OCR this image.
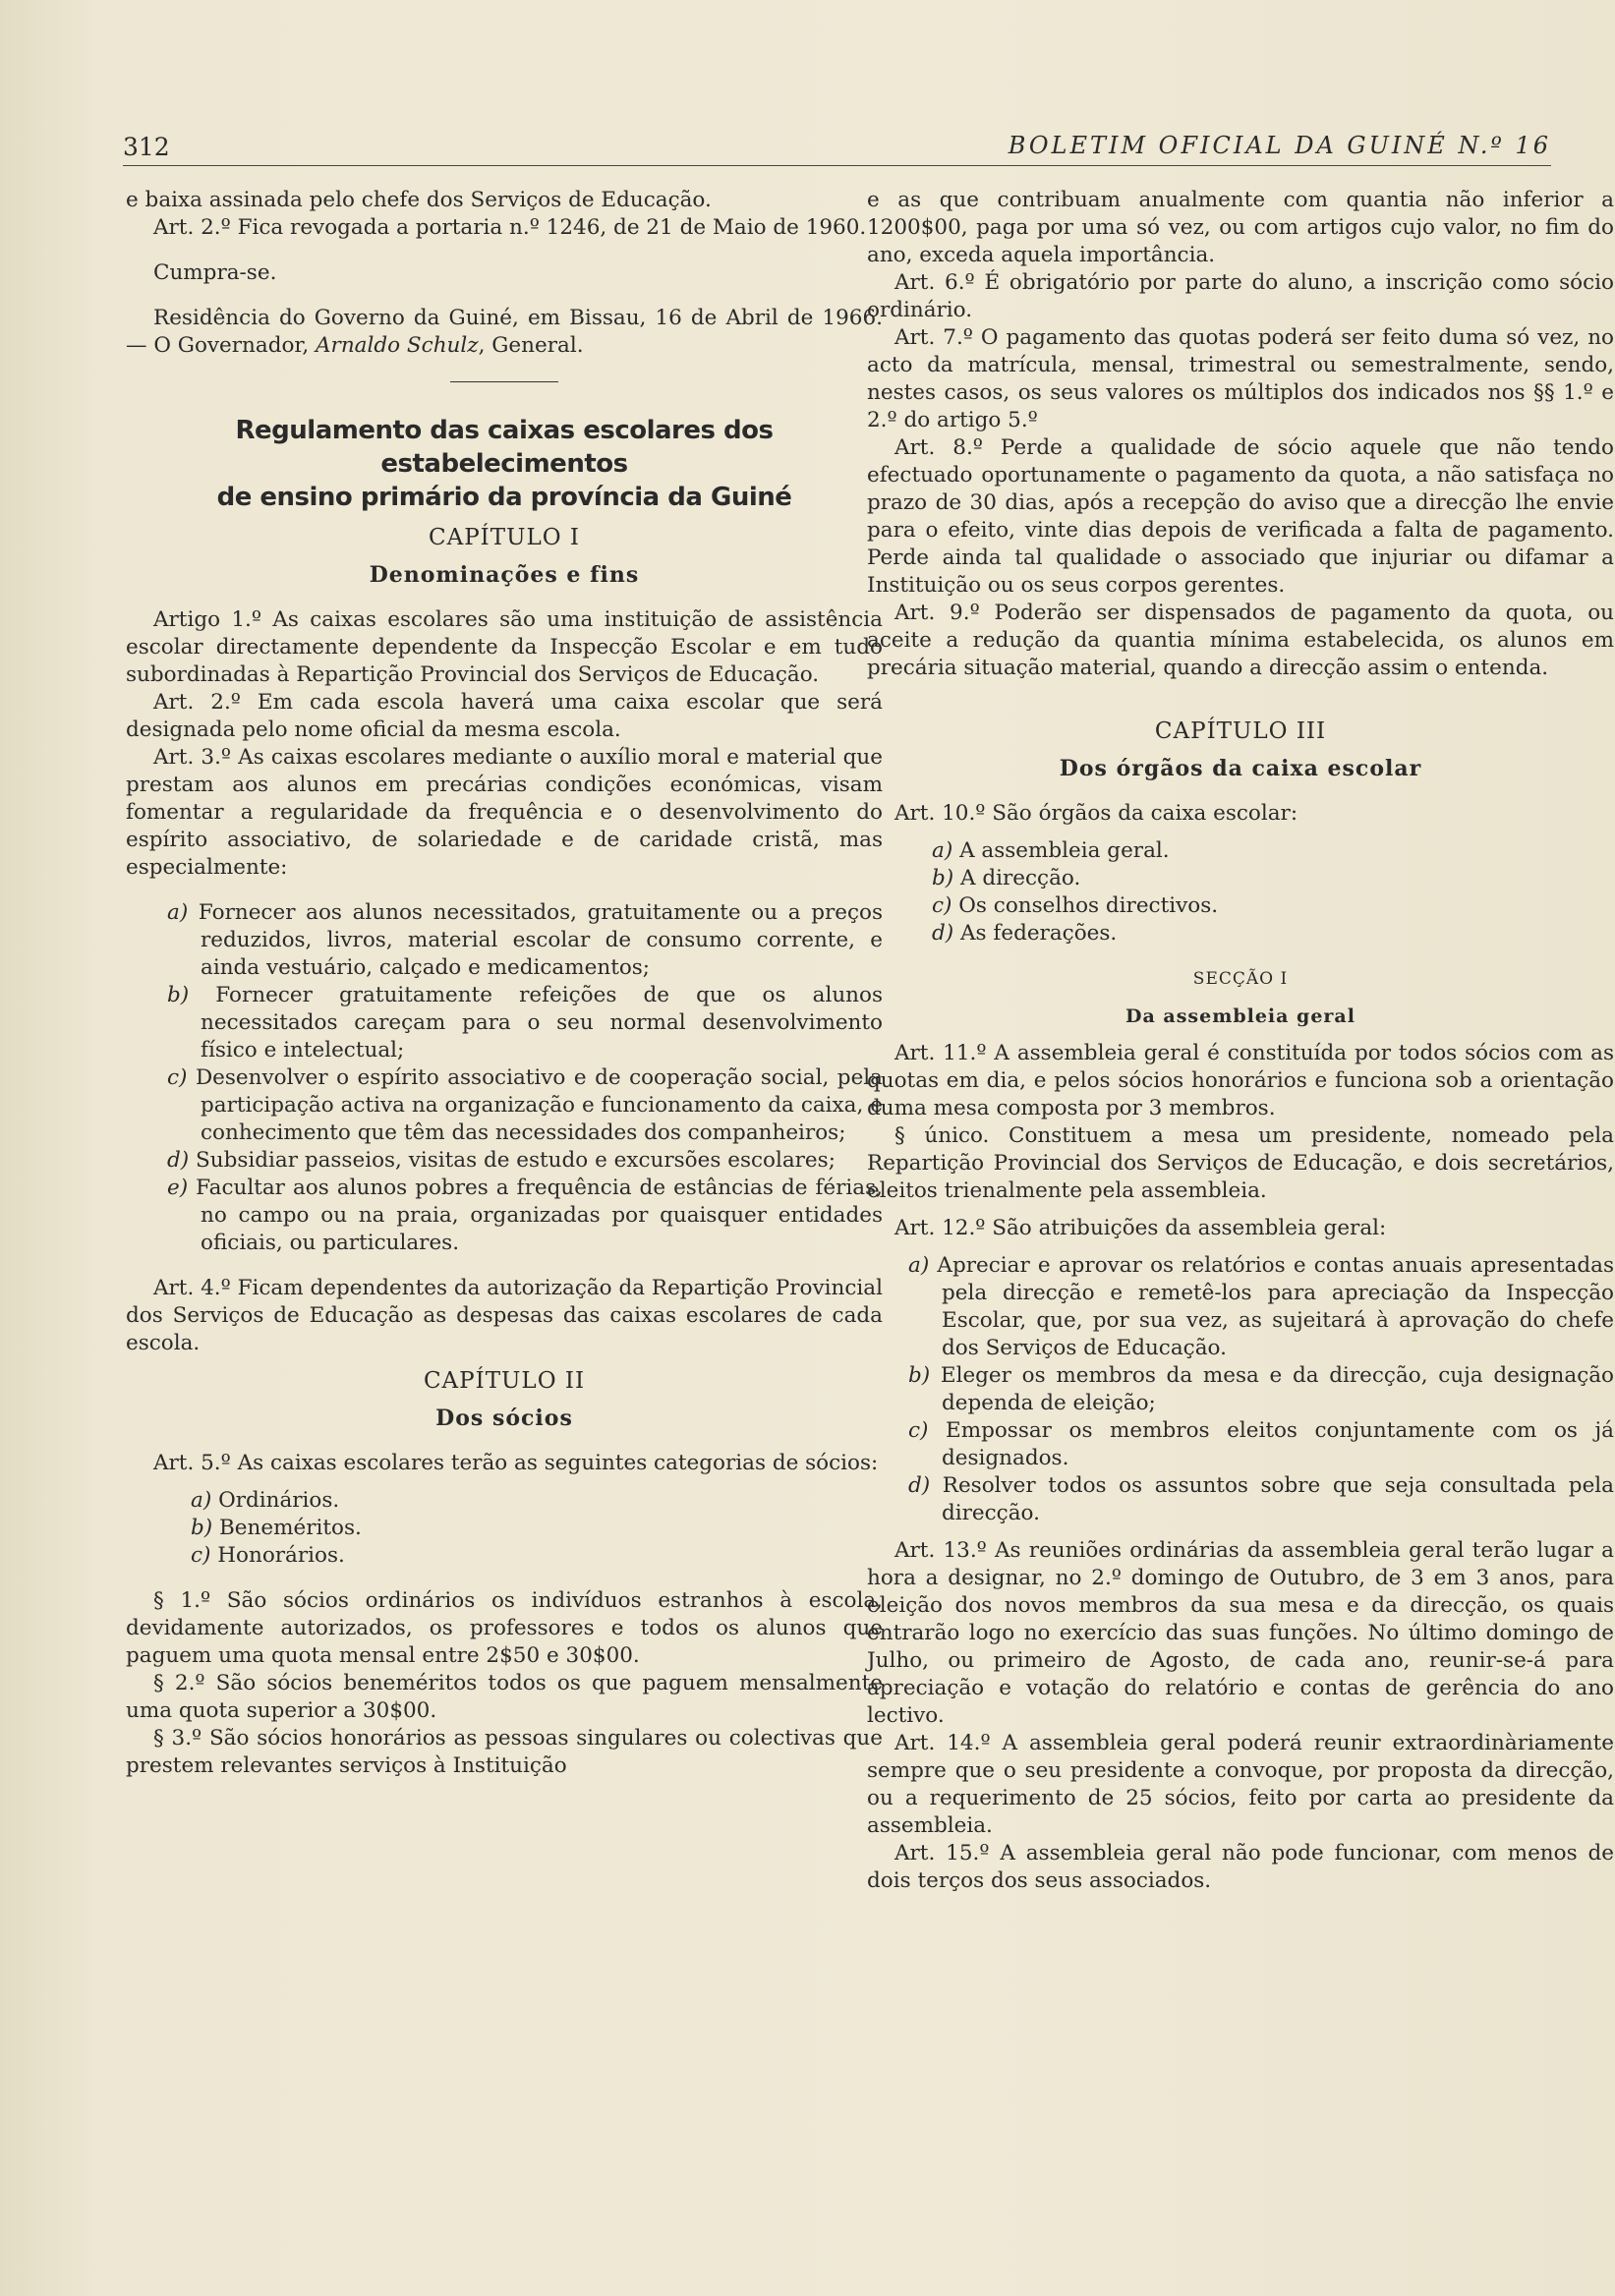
312	BOLETIM OFICIAL DA GUINÉ N.º 16

e baixa assinada pelo chefe dos Serviços de Educação.

Art. 2.º Fica revogada a portaria n.º 1246, de 21 de Maio de 1960.

Cumpra-se.

Residência do Governo da Guiné, em Bissau, 16 de Abril de 1966. — O Governador, Arnaldo Schulz, General.

Regulamento das caixas escolares dos estabelecimentos
de ensino primário da província da Guiné

CAPÍTULO I

Denominações e fins

Artigo 1.º As caixas escolares são uma instituição de assistência escolar directamente dependente da Inspecção Escolar e em tudo subordinadas à Repartição Provincial dos Serviços de Educação.

Art. 2.º Em cada escola haverá uma caixa escolar que será designada pelo nome oficial da mesma escola.

Art. 3.º As caixas escolares mediante o auxílio moral e material que prestam aos alunos em precárias condições económicas, visam fomentar a regularidade da frequência e o desenvolvimento do espírito associativo, de solariedade e de caridade cristã, mas especialmente:

a) Fornecer aos alunos necessitados, gratuitamente ou a preços reduzidos, livros, material escolar de consumo corrente, e ainda vestuário, calçado e medicamentos;

b) Fornecer gratuitamente refeições de que os alunos necessitados careçam para o seu normal desenvolvimento físico e intelectual;

c) Desenvolver o espírito associativo e de cooperação social, pela participação activa na organização e funcionamento da caixa, e conhecimento que têm das necessidades dos companheiros;

d) Subsidiar passeios, visitas de estudo e excursões escolares;

e) Facultar aos alunos pobres a frequência de estâncias de férias, no campo ou na praia, organizadas por quaisquer entidades oficiais, ou particulares.

Art. 4.º Ficam dependentes da autorização da Repartição Provincial dos Serviços de Educação as despesas das caixas escolares de cada escola.

CAPÍTULO II

Dos sócios

Art. 5.º As caixas escolares terão as seguintes categorias de sócios:

a) Ordinários.

b) Beneméritos.

c) Honorários.

§ 1.º São sócios ordinários os indivíduos estranhos à escola, devidamente autorizados, os professores e todos os alunos que paguem uma quota mensal entre 2$50 e 30$00.

§ 2.º São sócios beneméritos todos os que paguem mensalmente uma quota superior a 30$00.

§ 3.º São sócios honorários as pessoas singulares ou colectivas que prestem relevantes serviços à Instituição

e as que contribuam anualmente com quantia não inferior a 1200$00, paga por uma só vez, ou com artigos cujo valor, no fim do ano, exceda aquela importância.

Art. 6.º É obrigatório por parte do aluno, a inscrição como sócio ordinário.

Art. 7.º O pagamento das quotas poderá ser feito duma só vez, no acto da matrícula, mensal, trimestral ou semestralmente, sendo, nestes casos, os seus valores os múltiplos dos indicados nos §§ 1.º e 2.º do artigo 5.º

Art. 8.º Perde a qualidade de sócio aquele que não tendo efectuado oportunamente o pagamento da quota, a não satisfaça no prazo de 30 dias, após a recepção do aviso que a direcção lhe envie para o efeito, vinte dias depois de verificada a falta de pagamento. Perde ainda tal qualidade o associado que injuriar ou difamar a Instituição ou os seus corpos gerentes.

Art. 9.º Poderão ser dispensados de pagamento da quota, ou aceite a redução da quantia mínima estabelecida, os alunos em precária situação material, quando a direcção assim o entenda.

CAPÍTULO III

Dos órgãos da caixa escolar

Art. 10.º São órgãos da caixa escolar:

a) A assembleia geral.

b) A direcção.

c) Os conselhos directivos.

d) As federações.

SECÇÃO I

Da assembleia geral

Art. 11.º A assembleia geral é constituída por todos sócios com as quotas em dia, e pelos sócios honorários e funciona sob a orientação duma mesa composta por 3 membros.

§ único. Constituem a mesa um presidente, nomeado pela Repartição Provincial dos Serviços de Educação, e dois secretários, eleitos trienalmente pela assembleia.

Art. 12.º São atribuições da assembleia geral:

a) Apreciar e aprovar os relatórios e contas anuais apresentadas pela direcção e remetê-los para apreciação da Inspecção Escolar, que, por sua vez, as sujeitará à aprovação do chefe dos Serviços de Educação.

b) Eleger os membros da mesa e da direcção, cuja designação dependa de eleição;

c) Empossar os membros eleitos conjuntamente com os já designados.

d) Resolver todos os assuntos sobre que seja consultada pela direcção.

Art. 13.º As reuniões ordinárias da assembleia geral terão lugar a hora a designar, no 2.º domingo de Outubro, de 3 em 3 anos, para eleição dos novos membros da sua mesa e da direcção, os quais entrarão logo no exercício das suas funções. No último domingo de Julho, ou primeiro de Agosto, de cada ano, reunir-se-á para apreciação e votação do relatório e contas de gerência do ano lectivo.

Art. 14.º A assembleia geral poderá reunir extraordinàriamente sempre que o seu presidente a convoque, por proposta da direcção, ou a requerimento de 25 sócios, feito por carta ao presidente da assembleia.

Art. 15.º A assembleia geral não pode funcionar, com menos de dois terços dos seus associados.
